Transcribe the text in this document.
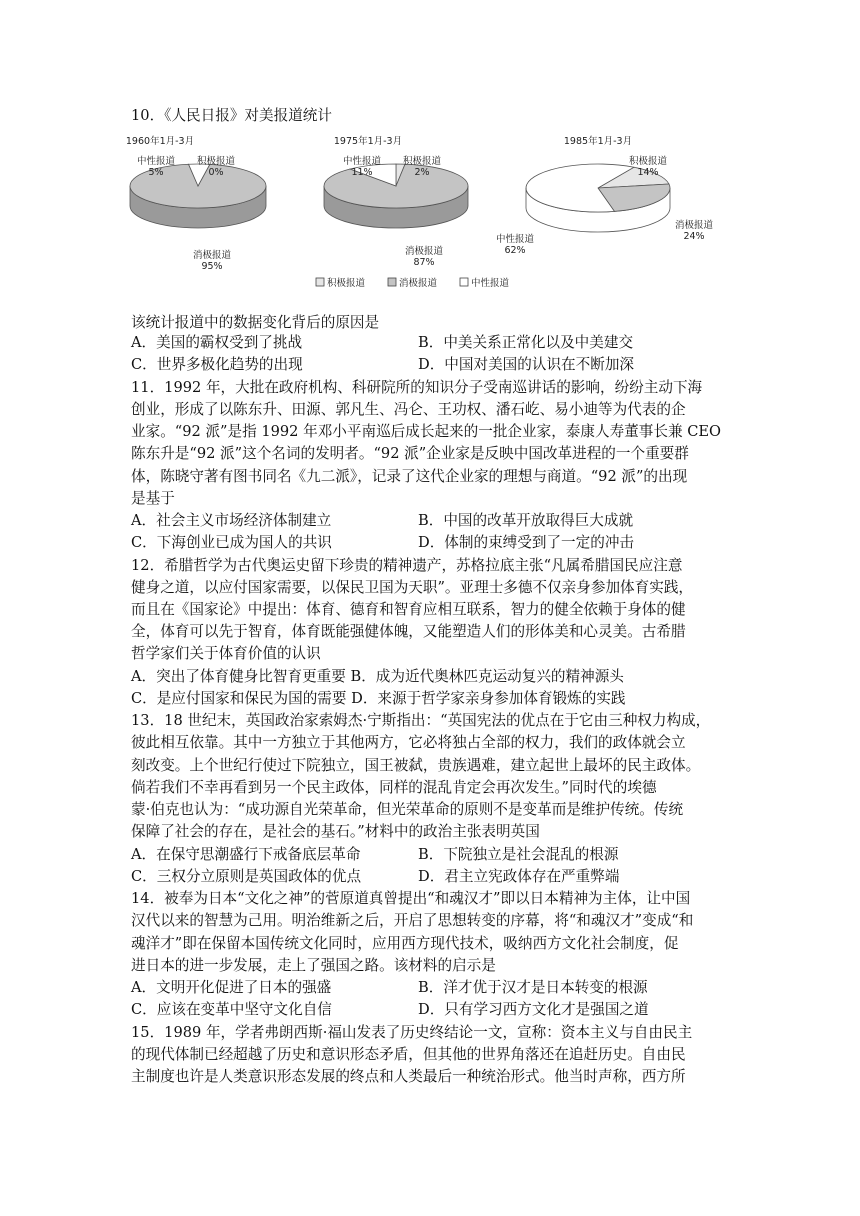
10．《人民日报》对美报道统计
1960年1月-3月
中性报道
5%
积极报道
0%
消极报道
95%
1975年1月-3月
中性报道
11%
积极报道
2%
消极报道
87%
1985年1月-3月
积极报道
14%
消极报道
24%
中性报道
62%
积极报道	消极报道	中性报道
该统计报道中的数据变化背后的原因是
A．美国的霸权受到了挑战	B．中美关系正常化以及中美建交
C．世界多极化趋势的出现	D．中国对美国的认识在不断加深
11．1992 年，大批在政府机构、科研院所的知识分子受南巡讲话的影响，纷纷主动下海
创业，形成了以陈东升、田源、郭凡生、冯仑、王功权、潘石屹、易小迪等为代表的企
业家。“92 派”是指 1992 年邓小平南巡后成长起来的一批企业家，泰康人寿董事长兼 CEO
陈东升是“92 派”这个名词的发明者。“92 派”企业家是反映中国改革进程的一个重要群
体，陈晓守著有图书同名《九二派》，记录了这代企业家的理想与商道。“92 派”的出现
是基于
A．社会主义市场经济体制建立	B．中国的改革开放取得巨大成就
C．下海创业已成为国人的共识	D．体制的束缚受到了一定的冲击
12．希腊哲学为古代奥运史留下珍贵的精神遗产，苏格拉底主张“凡属希腊国民应注意
健身之道，以应付国家需要，以保民卫国为天职”。亚理士多德不仅亲身参加体育实践，
而且在《国家论》中提出：体育、德育和智育应相互联系，智力的健全依赖于身体的健
全，体育可以先于智育，体育既能强健体魄，又能塑造人们的形体美和心灵美。古希腊
哲学家们关于体育价值的认识
A．突出了体育健身比智育更重要 B．成为近代奥林匹克运动复兴的精神源头
C．是应付国家和保民为国的需要 D．来源于哲学家亲身参加体育锻炼的实践
13．18 世纪末，英国政治家索姆杰·宁斯指出：“英国宪法的优点在于它由三种权力构成，
彼此相互依靠。其中一方独立于其他两方，它必将独占全部的权力，我们的政体就会立
刻改变。上个世纪行使过下院独立，国王被弑，贵族遇难，建立起世上最坏的民主政体。
倘若我们不幸再看到另一个民主政体，同样的混乱肯定会再次发生。”同时代的埃德
蒙·伯克也认为：“成功源自光荣革命，但光荣革命的原则不是变革而是维护传统。传统
保障了社会的存在，是社会的基石。”材料中的政治主张表明英国
A．在保守思潮盛行下戒备底层革命	B．下院独立是社会混乱的根源
C．三权分立原则是英国政体的优点	D．君主立宪政体存在严重弊端
14．被奉为日本“文化之神”的菅原道真曾提出“和魂汉才”即以日本精神为主体，让中国
汉代以来的智慧为己用。明治维新之后，开启了思想转变的序幕，将“和魂汉才”变成“和
魂洋才”即在保留本国传统文化同时，应用西方现代技术，吸纳西方文化社会制度，促
进日本的进一步发展，走上了强国之路。该材料的启示是
A．文明开化促进了日本的强盛	B．洋才优于汉才是日本转变的根源
C．应该在变革中坚守文化自信	D．只有学习西方文化才是强国之道
15．1989 年，学者弗朗西斯·福山发表了历史终结论一文，宣称：资本主义与自由民主
的现代体制已经超越了历史和意识形态矛盾，但其他的世界角落还在追赶历史。自由民
主制度也许是人类意识形态发展的终点和人类最后一种统治形式。他当时声称，西方所
